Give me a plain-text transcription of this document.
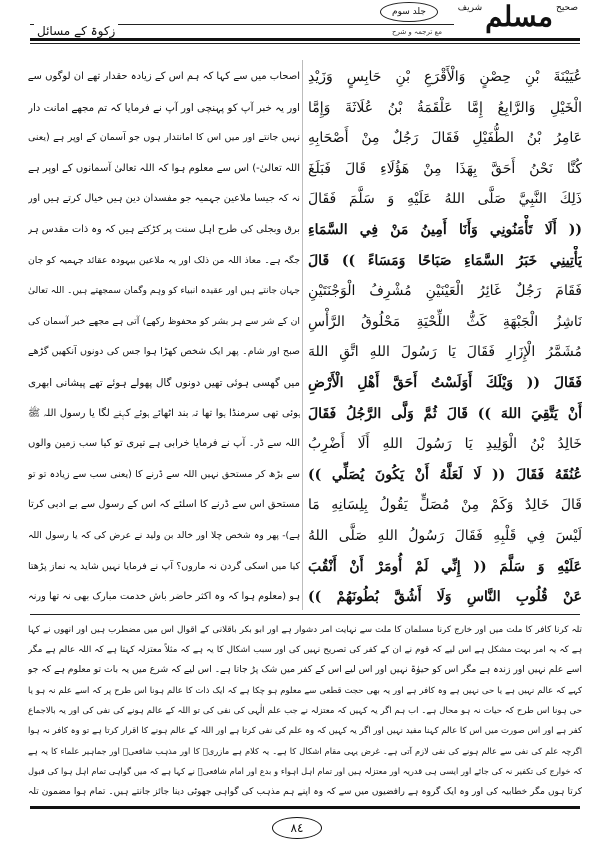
صحیح
مسلم
شریف
جلد سوم
مع ترجمہ و شرح
زکوۃ کے مسائل
عُيَيْنَةَ بْنِ حِصْنٍ وَالْأَقْرَعِ بْنِ حَابِسٍ وَزَيْدِ
الْخَيْلِ وَالرَّابِعُ إِمَّا عَلْقَمَةُ بْنُ عُلَاثَةَ وَإِمَّا
عَامِرُ بْنُ الطُّفَيْلِ فَقَالَ رَجُلٌ مِنْ أَصْحَابِهِ
كُنَّا نَحْنُ أَحَقَّ بِهَذَا مِنْ هَؤُلَاءِ قَالَ فَبَلَغَ
ذَلِكَ النَّبِيَّ صَلَّى اللهُ عَلَيْهِ وَ سَلَّمَ فَقَالَ
(( أَلَا تَأْمَنُونِي وَأَنَا أَمِينُ مَنْ فِي السَّمَاءِ
يَأْتِينِي خَبَرُ السَّمَاءِ صَبَاحًا وَمَسَاءً )) قَالَ
فَقَامَ رَجُلٌ غَائِرُ الْعَيْنَيْنِ مُشْرِفُ الْوَجْنَتَيْنِ
نَاشِزُ الْجَبْهَةِ كَثُّ اللِّحْيَةِ مَحْلُوقُ الرَّأْسِ
مُشَمَّرُ الْإِزَارِ فَقَالَ يَا رَسُولَ اللهِ اتَّقِ اللهَ
فَقَالَ (( وَيْلَكَ أَوَلَسْتُ أَحَقَّ أَهْلِ الْأَرْضِ
أَنْ يَتَّقِيَ اللهَ )) قَالَ ثُمَّ وَلَّى الرَّجُلُ فَقَالَ
خَالِدُ بْنُ الْوَلِيدِ يَا رَسُولَ اللهِ أَلَا أَضْرِبُ
عُنُقَهُ فَقَالَ (( لَا لَعَلَّهُ أَنْ يَكُونَ يُصَلِّي ))
قَالَ خَالِدٌ وَكَمْ مِنْ مُصَلٍّ يَقُولُ بِلِسَانِهِ مَا
لَيْسَ فِي قَلْبِهِ فَقَالَ رَسُولُ اللهِ صَلَّى اللهُ
عَلَيْهِ وَ سَلَّمَ (( إِنِّي لَمْ أُومَرْ أَنْ أَنْقُبَ
عَنْ قُلُوبِ النَّاسِ وَلَا أَشُقَّ بُطُونَهُمْ ))
اصحاب میں سے کہا کہ ہم اس کے زیادہ حقدار تھے ان لوگوں سے
اور یہ خبر آپ کو پہنچی اور آپ نے فرمایا کہ تم مجھے امانت دار
نہیں جانتے اور میں اس کا امانتدار ہوں جو آسمان کے اوپر ہے (یعنی
اللہ تعالیٰ-) اس سے معلوم ہوا کہ اللہ تعالیٰ آسمانوں کے اوپر ہے
نہ کہ جیسا ملاعین جہمیہ جو مفسدان دین ہیں خیال کرتے ہیں اور
برق وبجلی کی طرح اہل سنت پر کڑکتے ہیں کہ وہ ذات مقدس ہر
جگہ ہے۔ معاذ اللہ من ذلک اور یہ ملاعین بیہودہ عقائد جہمیہ کو جان
جہان جانتے ہیں اور عقیدہ انبیاء کو وہم وگمان سمجھتے ہیں۔ اللہ تعالیٰ
ان کے شر سے ہر بشر کو محفوظ رکھے) آتی ہے مجھے خبر آسمان کی
صبح اور شام۔ پھر ایک شخص کھڑا ہوا جس کی دونوں آنکھیں گڑھے
میں گھسی ہوئی تھیں دونوں گال پھولے ہوئے تھے پیشانی ابھری
ہوئی تھی سرمنڈا ہوا تھا تہ بند اٹھائے ہوئے کہنے لگا یا رسول اللہ ﷺ
اللہ سے ڈر۔ آپ نے فرمایا خرابی ہے تیری تو کیا سب زمین والوں
سے بڑھ کر مستحق نہیں اللہ سے ڈرنے کا (یعنی سب سے زیادہ تو تو
مستحق اس سے ڈرنے کا اسلئے کہ اس کے رسول سے بے ادبی کرتا
ہے)- پھر وہ شخص چلا اور خالد بن ولید نے عرض کی کہ یا رسول اللہ
کیا میں اسکی گردن نہ ماروں؟ آپ نے فرمایا نہیں شاید یہ نماز پڑھتا
ہو (معلوم ہوا کہ وہ اکثر حاضر باش خدمت مبارک بھی نہ تھا ورنہ
تلہ کرنا کافر کا ملت میں اور خارج کرنا مسلمان کا ملت سے نہایت امر دشوار ہے اور ابو بکر باقلانی کے اقوال اس میں مضطرب ہیں اور انھوں نے کہا
ہے کہ یہ امر بہت مشکل ہے اس لیے کہ قوم نے ان کے کفر کی تصریح نہیں کی اور سبب اشکال کا یہ ہے کہ مثلاً معتزلہ کہتا ہے کہ اللہ عالم ہے مگر
اسے علم نہیں اور زندہ ہے مگر اس کو حیوٰۃ نہیں اور اس لیے اس کے کفر میں شک پڑ جاتا ہے۔ اس لیے کہ شرع میں یہ بات تو معلوم ہے کہ جو
کہے کہ عالم نہیں ہے یا حی نہیں ہے وہ کافر ہے اور یہ بھی حجت قطعی سے معلوم ہو چکا ہے کہ ایک ذات کا عالم ہونا اس طرح پر کہ اسے علم نہ ہو یا
حی ہونا اس طرح کہ حیات نہ ہو محال ہے۔ اب ہم اگر یہ کہیں کہ معتزلہ نے جب علم الٰہی کی نفی کی تو اللہ کے عالم ہونے کی نفی کی اور یہ بالاجماع
کفر ہے اور اس صورت میں اس کا عالم کہنا مفید نہیں اور اگر یہ کہیں کہ وہ علم کی نفی کرتا ہے اور اللہ کے عالم ہونے کا اقرار کرتا ہے تو وہ کافر نہ ہوا
اگرچہ علم کی نفی سے عالم ہونے کی نفی لازم آتی ہے۔ غرض یہی مقام اشکال کا ہے۔ یہ کلام ہے مازریؒ کا اور مذہب شافعیؒ اور جماہیر علماء کا یہ ہے
کہ خوارج کی تکفیر نہ کی جائے اور ایسی ہی قدریہ اور معتزلہ ہیں اور تمام اہل اہواء و بدع اور امام شافعیؒ نے کہا ہے کہ میں گواہی تمام اہل ہوا کی قبول
کرتا ہوں مگر خطابیہ کی اور وہ ایک گروہ ہے رافضیوں میں سے کہ وہ اپنے ہم مذہب کی گواہی جھوٹی دینا جائز جانتے ہیں۔ تمام ہوا مضمون تلہ
٨٤
